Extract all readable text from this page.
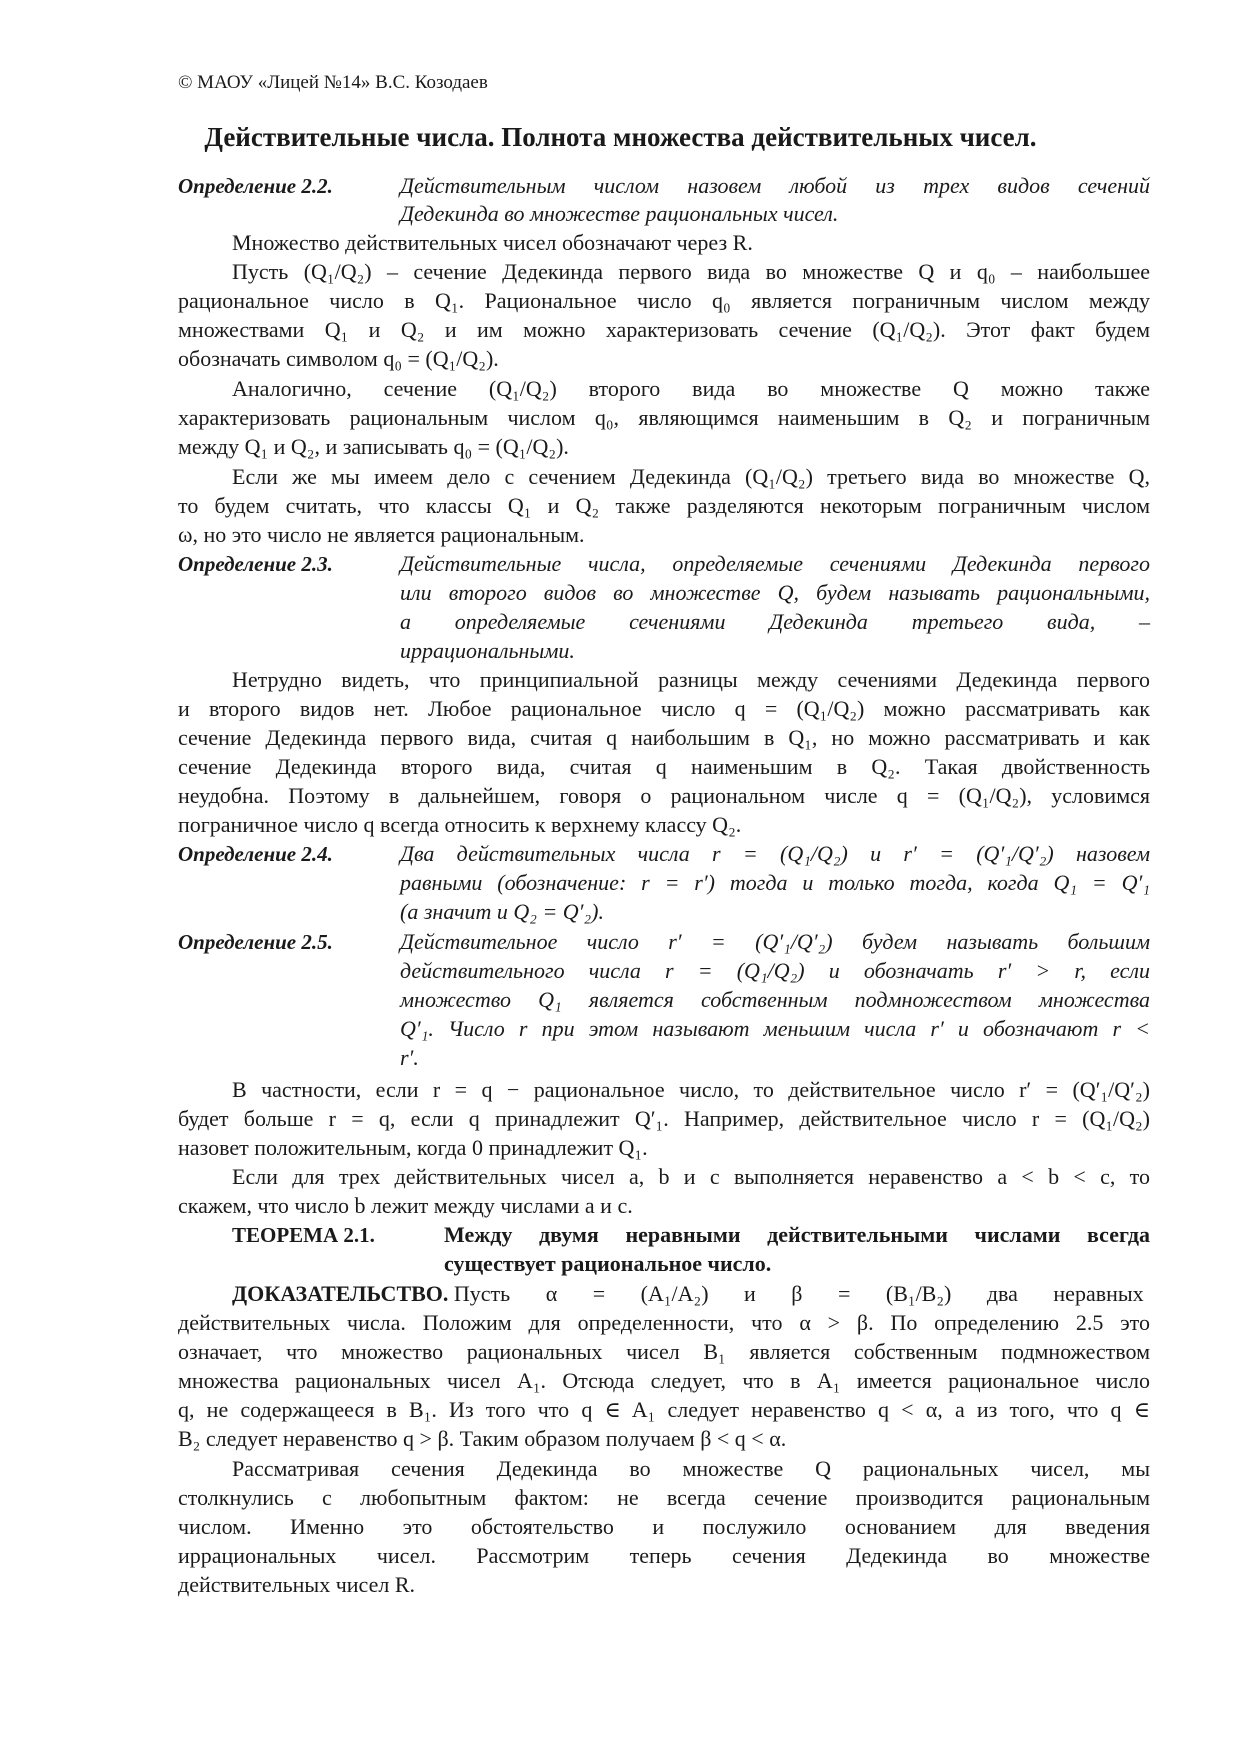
© МАОУ «Лицей №14» В.С. Козодаев
Действительные числа. Полнота множества действительных чисел.
Определение 2.2.	Действительным числом назовем любой из трех видов сечений
Дедекинда во множестве рациональных чисел.
Множество действительных чисел обозначают через R.
Пусть (Q₁/Q₂) – сечение Дедекинда первого вида во множестве Q и q₀ – наибольшее
рациональное число в Q₁. Рациональное число q₀ является пограничным числом между
множествами Q₁ и Q₂ и им можно характеризовать сечение (Q₁/Q₂). Этот факт будем
обозначать символом q₀ = (Q₁/Q₂).
Аналогично, сечение (Q₁/Q₂) второго вида во множестве Q можно также
характеризовать рациональным числом q₀, являющимся наименьшим в Q₂ и пограничным
между Q₁ и Q₂, и записывать q₀ = (Q₁/Q₂).
Если же мы имеем дело с сечением Дедекинда (Q₁/Q₂) третьего вида во множестве Q,
то будем считать, что классы Q₁ и Q₂ также разделяются некоторым пограничным числом
ω, но это число не является рациональным.
Определение 2.3.	Действительные числа, определяемые сечениями Дедекинда первого
или второго видов во множестве Q, будем называть рациональными,
а определяемые сечениями Дедекинда третьего вида, –
иррациональными.
Нетрудно видеть, что принципиальной разницы между сечениями Дедекинда первого
и второго видов нет. Любое рациональное число q = (Q₁/Q₂) можно рассматривать как
сечение Дедекинда первого вида, считая q наибольшим в Q₁, но можно рассматривать и как
сечение Дедекинда второго вида, считая q наименьшим в Q₂. Такая двойственность
неудобна. Поэтому в дальнейшем, говоря о рациональном числе q = (Q₁/Q₂), условимся
пограничное число q всегда относить к верхнему классу Q₂.
Определение 2.4.	Два действительных числа r = (Q₁/Q₂) и r′ = (Q′₁/Q′₂) назовем
равными (обозначение: r = r′) тогда и только тогда, когда Q₁ = Q′₁
(а значит и Q₂ = Q′₂).
Определение 2.5.	Действительное число r′ = (Q′₁/Q′₂) будем называть большим
действительного числа r = (Q₁/Q₂) и обозначать r′ > r, если
множество Q₁ является собственным подмножеством множества
Q′₁. Число r при этом называют меньшим числа r′ и обозначают r <
r′.
В частности, если r = q − рациональное число, то действительное число r′ = (Q′₁/Q′₂)
будет больше r = q, если q принадлежит Q′₁. Например, действительное число r = (Q₁/Q₂)
назовет положительным, когда 0 принадлежит Q₁.
Если для трех действительных чисел a, b и c выполняется неравенство a < b < c, то
скажем, что число b лежит между числами a и c.
ТЕОРЕМА 2.1.	Между двумя неравными действительными числами всегда
существует рациональное число.
ДОКАЗАТЕЛЬСТВО. Пусть α = (A₁/A₂) и β = (B₁/B₂) два неравных
действительных числа. Положим для определенности, что α > β. По определению 2.5 это
означает, что множество рациональных чисел B₁ является собственным подмножеством
множества рациональных чисел A₁. Отсюда следует, что в A₁ имеется рациональное число
q, не содержащееся в B₁. Из того что q ∈ A₁ следует неравенство q < α, а из того, что q ∈
B₂ следует неравенство q > β. Таким образом получаем β < q < α.
Рассматривая сечения Дедекинда во множестве Q рациональных чисел, мы
столкнулись с любопытным фактом: не всегда сечение производится рациональным
числом. Именно это обстоятельство и послужило основанием для введения
иррациональных чисел. Рассмотрим теперь сечения Дедекинда во множестве
действительных чисел R.
